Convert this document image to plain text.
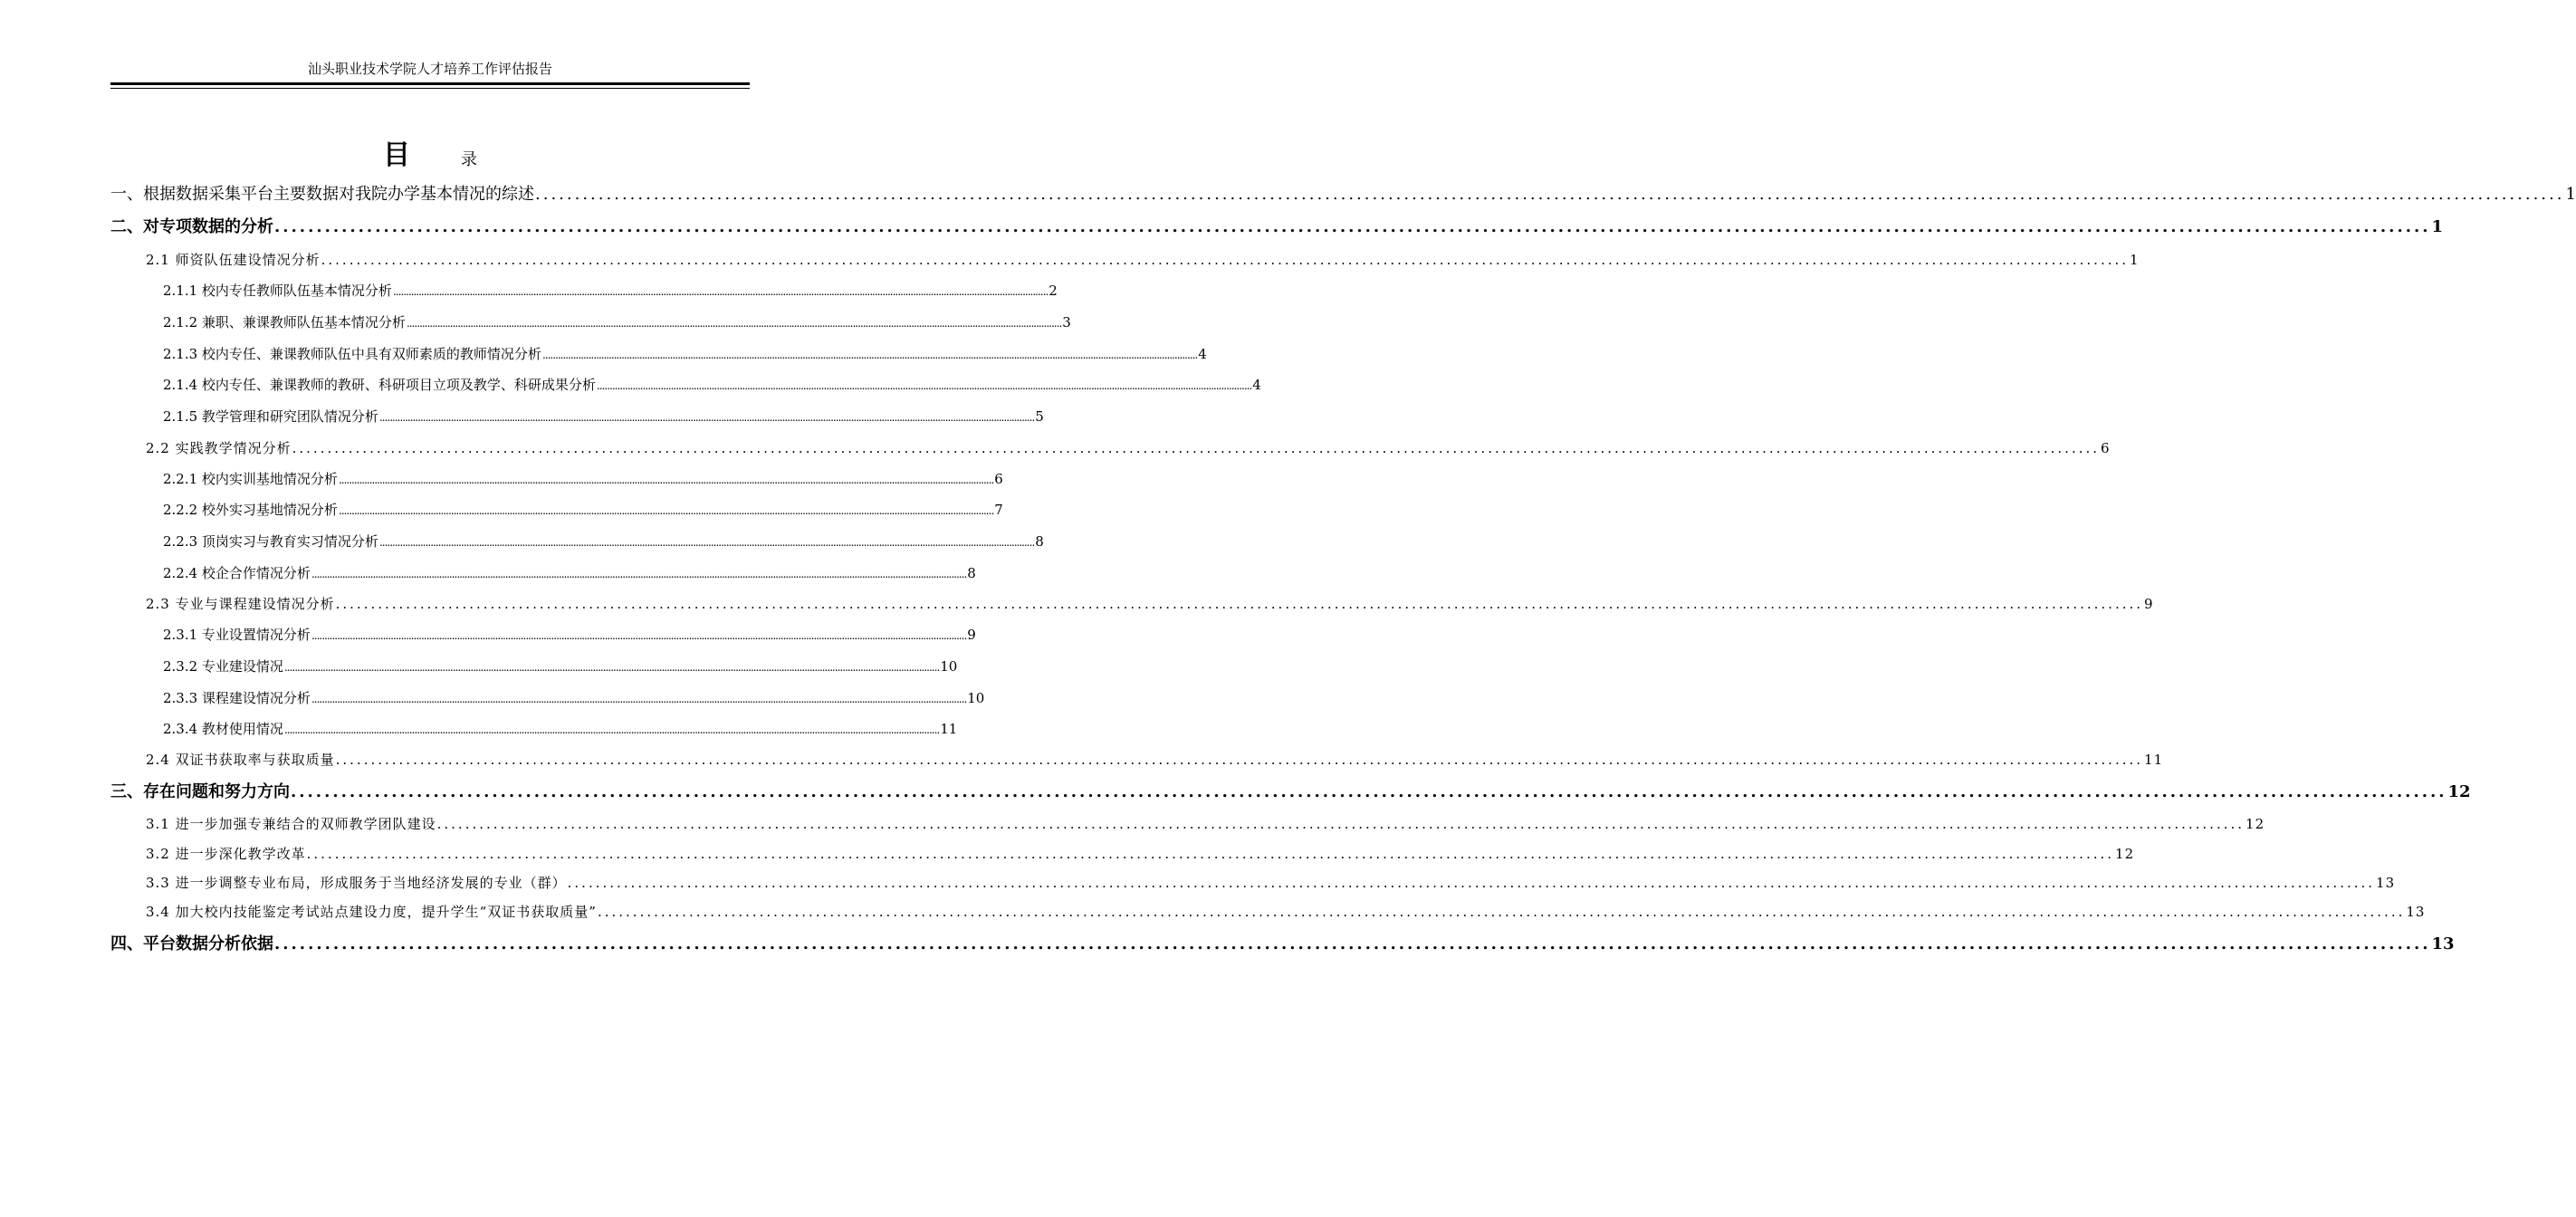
汕头职业技术学院人才培养工作评估报告
目	录
一、根据数据采集平台主要数据对我院办学基本情况的综述 ................................................................................................................................................................................................................................................................. 1
二、对专项数据的分析 ................................................................................................................................................................................................................................................................. 1
2.1 师资队伍建设情况分析 ................................................................................................................................................................................................................................................................. 1
2.1.1 校内专任教师队伍基本情况分析 ................................................................................................................................................................................................................................................................. 2
2.1.2 兼职、兼课教师队伍基本情况分析 ................................................................................................................................................................................................................................................................. 3
2.1.3 校内专任、兼课教师队伍中具有双师素质的教师情况分析 ................................................................................................................................................................................................................................................................. 4
2.1.4 校内专任、兼课教师的教研、科研项目立项及教学、科研成果分析 ................................................................................................................................................................................................................................................................. 4
2.1.5 教学管理和研究团队情况分析 ................................................................................................................................................................................................................................................................. 5
2.2 实践教学情况分析 ................................................................................................................................................................................................................................................................. 6
2.2.1 校内实训基地情况分析 ................................................................................................................................................................................................................................................................. 6
2.2.2 校外实习基地情况分析 ................................................................................................................................................................................................................................................................. 7
2.2.3 顶岗实习与教育实习情况分析 ................................................................................................................................................................................................................................................................. 8
2.2.4 校企合作情况分析 ................................................................................................................................................................................................................................................................. 8
2.3 专业与课程建设情况分析 ................................................................................................................................................................................................................................................................. 9
2.3.1 专业设置情况分析 ................................................................................................................................................................................................................................................................. 9
2.3.2 专业建设情况 ................................................................................................................................................................................................................................................................. 10
2.3.3 课程建设情况分析 ................................................................................................................................................................................................................................................................. 10
2.3.4 教材使用情况 ................................................................................................................................................................................................................................................................. 11
2.4 双证书获取率与获取质量 ................................................................................................................................................................................................................................................................. 11
三、存在问题和努力方向 ................................................................................................................................................................................................................................................................. 12
3.1 进一步加强专兼结合的双师教学团队建设 ................................................................................................................................................................................................................................................................. 12
3.2 进一步深化教学改革 ................................................................................................................................................................................................................................................................. 12
3.3 进一步调整专业布局，形成服务于当地经济发展的专业（群） ................................................................................................................................................................................................................................................................. 13
3.4 加大校内技能鉴定考试站点建设力度，提升学生“双证书获取质量” ................................................................................................................................................................................................................................................................. 13
四、平台数据分析依据 ................................................................................................................................................................................................................................................................. 13
